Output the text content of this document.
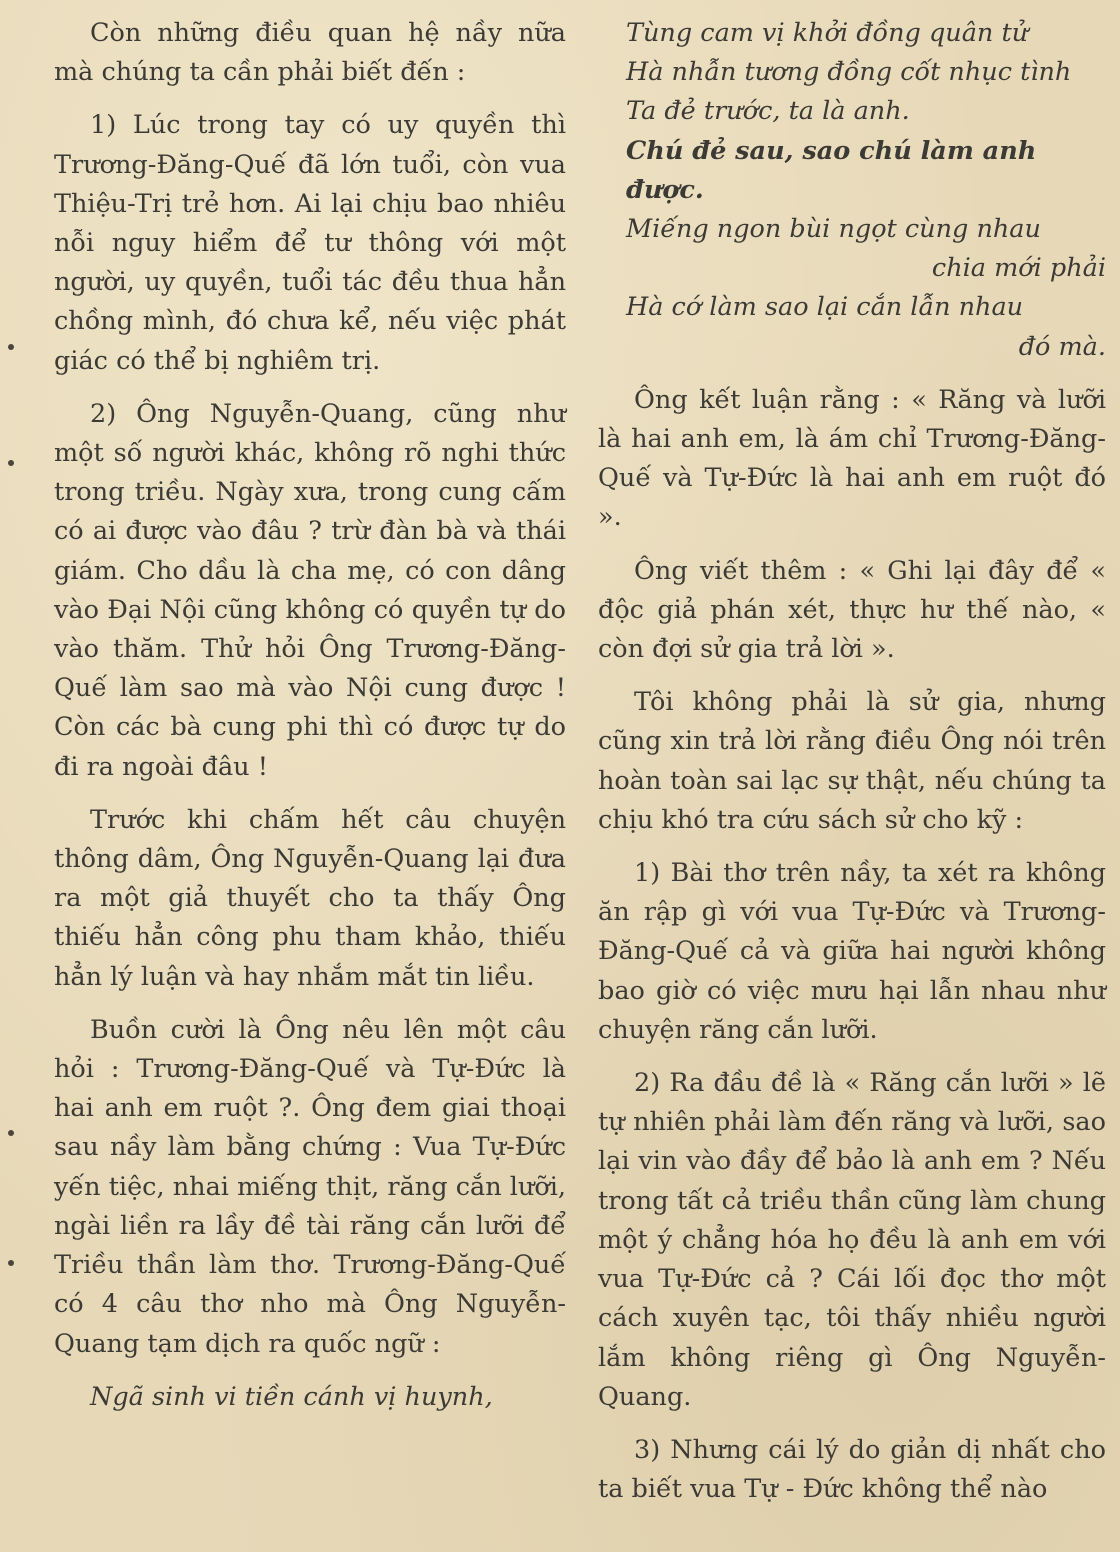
Còn những điều quan hệ nầy nữa mà chúng ta cần phải biết đến :

1) Lúc trong tay có uy quyền thì Trương-Đăng-Quế đã lớn tuổi, còn vua Thiệu-Trị trẻ hơn. Ai lại chịu bao nhiêu nỗi nguy hiểm để tư thông với một người, uy quyền, tuổi tác đều thua hẳn chồng mình, đó chưa kể, nếu việc phát giác có thể bị nghiêm trị.

2) Ông Nguyễn-Quang, cũng như một số người khác, không rõ nghi thức trong triều. Ngày xưa, trong cung cấm có ai được vào đâu ? trừ đàn bà và thái giám. Cho dầu là cha mẹ, có con dâng vào Đại Nội cũng không có quyền tự do vào thăm. Thử hỏi Ông Trương-Đăng-Quế làm sao mà vào Nội cung được ! Còn các bà cung phi thì có được tự do đi ra ngoài đâu !

Trước khi chấm hết câu chuyện thông dâm, Ông Nguyễn-Quang lại đưa ra một giả thuyết cho ta thấy Ông thiếu hẳn công phu tham khảo, thiếu hẳn lý luận và hay nhắm mắt tin liều.

Buồn cười là Ông nêu lên một câu hỏi : Trương-Đăng-Quế và Tự-Đức là hai anh em ruột ?. Ông đem giai thoại sau nầy làm bằng chứng : Vua Tự-Đức yến tiệc, nhai miếng thịt, răng cắn lưỡi, ngài liền ra lầy đề tài răng cắn lưỡi để Triều thần làm thơ. Trương-Đăng-Quế có 4 câu thơ nho mà Ông Nguyễn-Quang tạm dịch ra quốc ngữ :

Ngã sinh vi tiền cánh vị huynh,
Tùng cam vị khởi đồng quân tử
Hà nhẫn tương đồng cốt nhục tình
Ta đẻ trước, ta là anh.
Chú đẻ sau, sao chú làm anh được.
Miếng ngon bùi ngọt cùng nhau
chia mới phải
Hà cớ làm sao lại cắn lẫn nhau
đó mà.

Ông kết luận rằng : « Răng và lưỡi là hai anh em, là ám chỉ Trương-Đăng-Quế và Tự-Đức là hai anh em ruột đó ».

Ông viết thêm : « Ghi lại đây để « độc giả phán xét, thực hư thế nào, « còn đợi sử gia trả lời ».

Tôi không phải là sử gia, nhưng cũng xin trả lời rằng điều Ông nói trên hoàn toàn sai lạc sự thật, nếu chúng ta chịu khó tra cứu sách sử cho kỹ :

1) Bài thơ trên nầy, ta xét ra không ăn rập gì với vua Tự-Đức và Trương-Đăng-Quế cả và giữa hai người không bao giờ có việc mưu hại lẫn nhau như chuyện răng cắn lưỡi.

2) Ra đầu đề là « Răng cắn lưỡi » lẽ tự nhiên phải làm đến răng và lưỡi, sao lại vin vào đầy để bảo là anh em ? Nếu trong tất cả triều thần cũng làm chung một ý chẳng hóa họ đều là anh em với vua Tự-Đức cả ? Cái lối đọc thơ một cách xuyên tạc, tôi thấy nhiều người lắm không riêng gì Ông Nguyễn-Quang.

3) Nhưng cái lý do giản dị nhất cho ta biết vua Tự - Đức không thể nào
